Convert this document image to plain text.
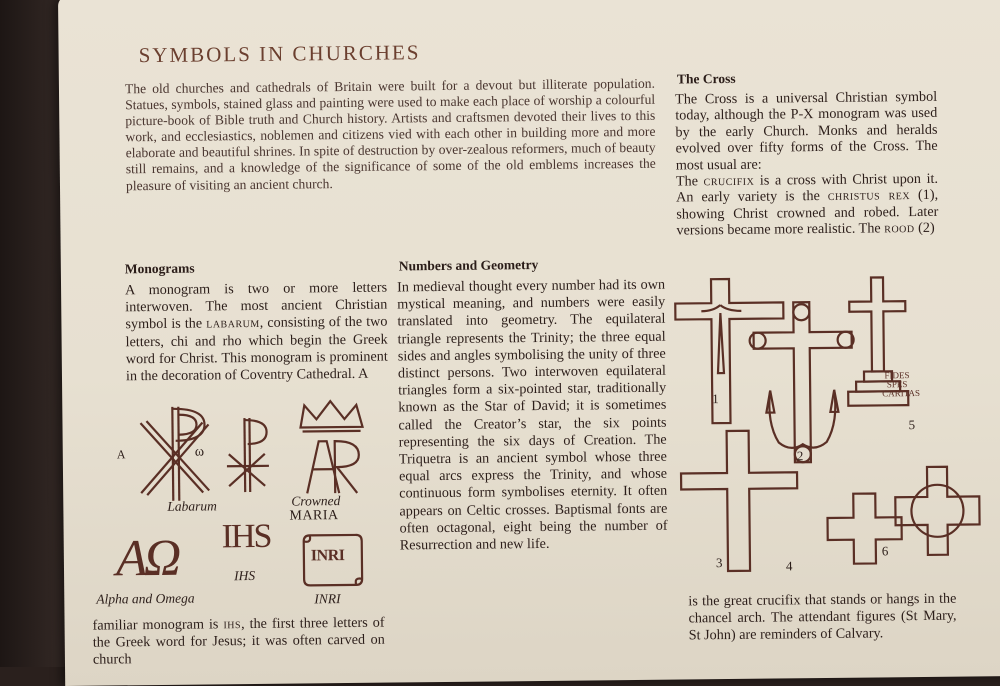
SYMBOLS IN CHURCHES
The old churches and cathedrals of Britain were built for a devout but illiterate population. Statues, symbols, stained glass and painting were used to make each place of worship a colourful picture-book of Bible truth and Church history. Artists and craftsmen devoted their lives to this work, and ecclesiastics, noblemen and citizens vied with each other in building more and more elaborate and beautiful shrines. In spite of destruction by over-zealous reformers, much of beauty still remains, and a knowledge of the significance of some of the old emblems increases the pleasure of visiting an ancient church.
Monograms
A monogram is two or more letters interwoven. The most ancient Christian symbol is the labarum, consisting of the two letters, chi and rho which begin the Greek word for Christ. This monogram is prominent in the decoration of Coventry Cathedral. A
A	ω
Labarum	Crowned
MARIA
AΩ IHS
INRI
Alpha and Omega
IHS
INRI
familiar monogram is ihs, the first three letters of the Greek word for Jesus; it was often carved on church
Numbers and Geometry
In medieval thought every number had its own mystical meaning, and numbers were easily translated into geometry. The equilateral triangle represents the Trinity; the three equal sides and angles symbolising the unity of three distinct persons. Two interwoven equilateral triangles form a six-pointed star, traditionally known as the Star of David; it is sometimes called the Creator’s star, the six points representing the six days of Creation. The Triquetra is an ancient symbol whose three equal arcs express the Trinity, and whose continuous form symbolises eternity. It often appears on Celtic crosses. Baptismal fonts are often octagonal, eight being the number of Resurrection and new life.
The Cross
The Cross is a universal Christian symbol today, although the P-X monogram was used by the early Church. Monks and heralds evolved over fifty forms of the Cross. The most usual are:
The crucifix is a cross with Christ upon it. An early variety is the christus rex (1), showing Christ crowned and robed. Later versions became more realistic. The rood (2)
1
2
3	4
5
6
FIDES
SPES
CARITAS
is the great crucifix that stands or hangs in the chancel arch. The attendant figures (St Mary, St John) are reminders of Calvary.
